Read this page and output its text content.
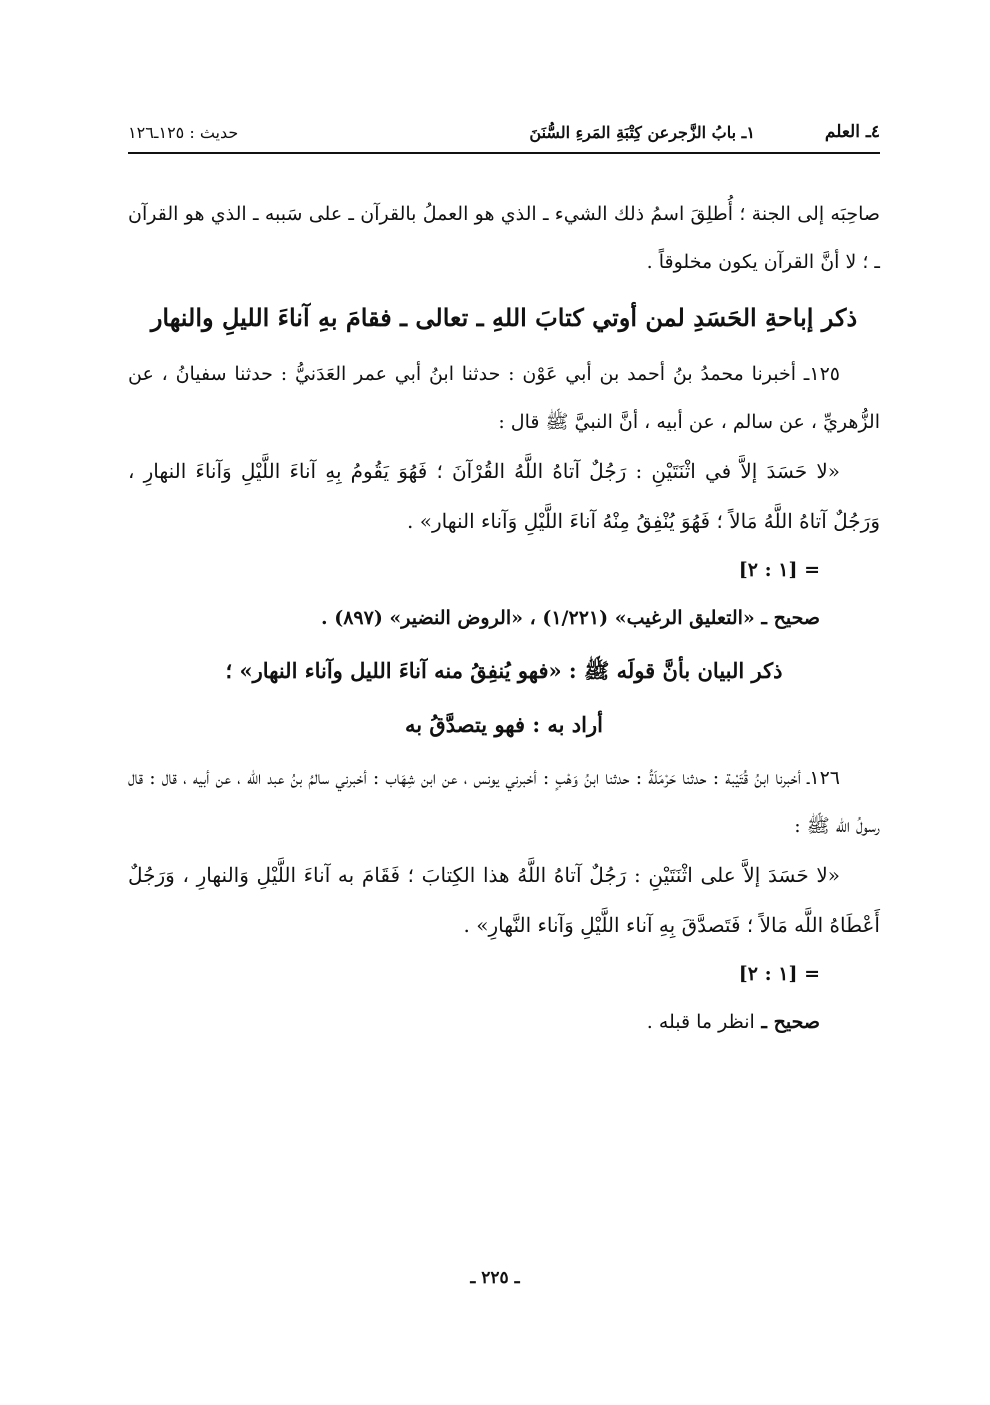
٤ـ العلم
١ـ بابُ الزَّجرعن كِتْبَةِ المَرءِ السُّنَنَ
حديث : ١٢٥ـ١٢٦

صاحِبَه إلى الجنة ؛ أُطلِقَ اسمُ ذلك الشيء ـ الذي هو العملُ بالقرآن ـ على سَببه ـ الذي هو القرآن ـ ؛ لا أنَّ القرآن يكون مخلوقاً .

ذكر إباحةِ الحَسَدِ لمن أوتي كتابَ اللهِ ـ تعالى ـ فقامَ بهِ آناءَ الليلِ والنهار

١٢٥ـ أخبرنا محمدُ بنُ أحمد بن أبي عَوْن : حدثنا ابنُ أبي عمر العَدَنيُّ : حدثنا سفيانُ ، عن الزُّهريِّ ، عن سالم ، عن أبيه ، أنَّ النبيَّ ﷺ قال :

«لا حَسَدَ إلاَّ في اثْنَتَيْنِ : رَجُلٌ آتاهُ اللَّهُ القُرْآنَ ؛ فَهُوَ يَقُومُ بِهِ آناءَ اللَّيْلِ وَآناءَ النهارِ ، وَرَجُلٌ آتاهُ اللَّهُ مَالاً ؛ فَهُوَ يُنْفِقُ مِنْهُ آناءَ اللَّيْلِ وَآناء النهار» .

= [١ : ٢]

صحيح ـ «التعليق الرغيب» (١/٢٢١) ، «الروض النضير» (٨٩٧) .

ذكر البيان بأنَّ قولَه ﷺ : «فهو يُنفِقُ منه آناءَ الليل وآناء النهار» ؛

أراد به : فهو يتصدَّقُ به

١٢٦ـ أخبرنا ابنُ قُتَيْبة : حدثنا حَرْمَلَةُ : حدثنا ابنُ وَهْبٍ : أخبرني يونس ، عن ابن شِهَاب : أخبرني سالمُ بنُ عبد الله ، عن أبيه ، قال : قال رسولُ الله ﷺ :

«لا حَسَدَ إلاَّ على اثْنَتَيْنِ : رَجُلٌ آتاهُ اللَّهُ هذا الكِتابَ ؛ فَقَامَ به آناءَ اللَّيْلِ وَالنهارِ ، وَرَجُلٌ أَعْطَاهُ اللَّه مَالاً ؛ فَتَصدَّقَ بِهِ آناء اللَّيْلِ وَآناء النَّهارِ» .

= [١ : ٢]

صحيح ـ انظر ما قبله .

ـ ٢٢٥ ـ
